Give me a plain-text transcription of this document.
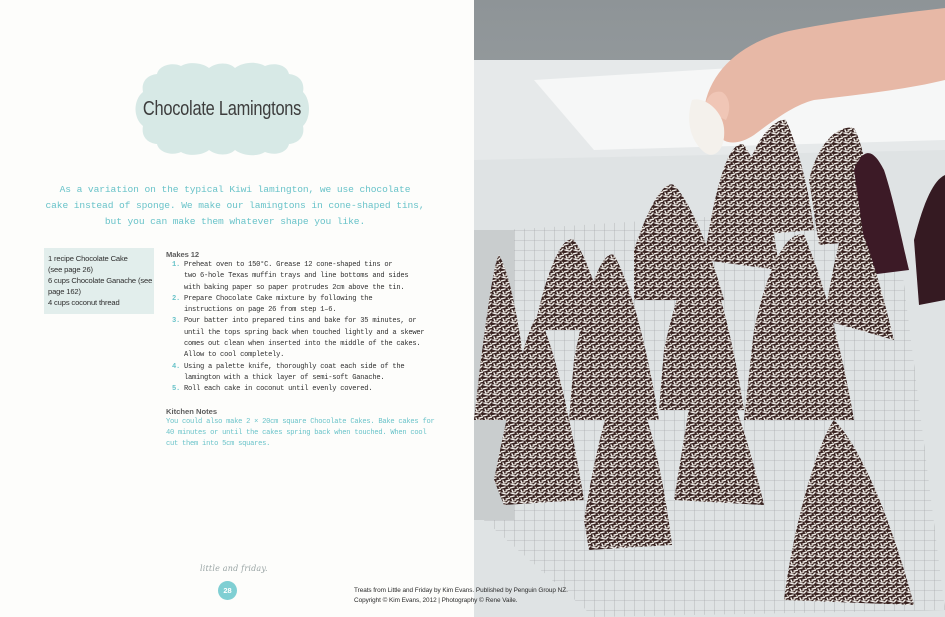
Chocolate Lamingtons
As a variation on the typical Kiwi lamington, we use chocolate
cake instead of sponge. We make our lamingtons in cone-shaped tins,
but you can make them whatever shape you like.
1 recipe Chocolate Cake
(see page 26)
6 cups Chocolate Ganache (see
page 162)
4 cups coconut thread
Makes 12
1. Preheat oven to 150°C. Grease 12 cone-shaped tins or
two 6-hole Texas muffin trays and line bottoms and sides
with baking paper so paper protrudes 2cm above the tin.
2. Prepare Chocolate Cake mixture by following the
instructions on page 26 from step 1–6.
3. Pour batter into prepared tins and bake for 35 minutes, or
until the tops spring back when touched lightly and a skewer
comes out clean when inserted into the middle of the cakes.
Allow to cool completely.
4. Using a palette knife, thoroughly coat each side of the
lamington with a thick layer of semi-soft Ganache.
5. Roll each cake in coconut until evenly covered.
Kitchen Notes
You could also make 2 × 20cm square Chocolate Cakes. Bake cakes for
40 minutes or until the cakes spring back when touched. When cool
cut them into 5cm squares.
little and friday.
28	Treats from Little and Friday by Kim Evans. Published by Penguin Group NZ.
Copyright © Kim Evans, 2012 | Photography © Rene Vaile.
